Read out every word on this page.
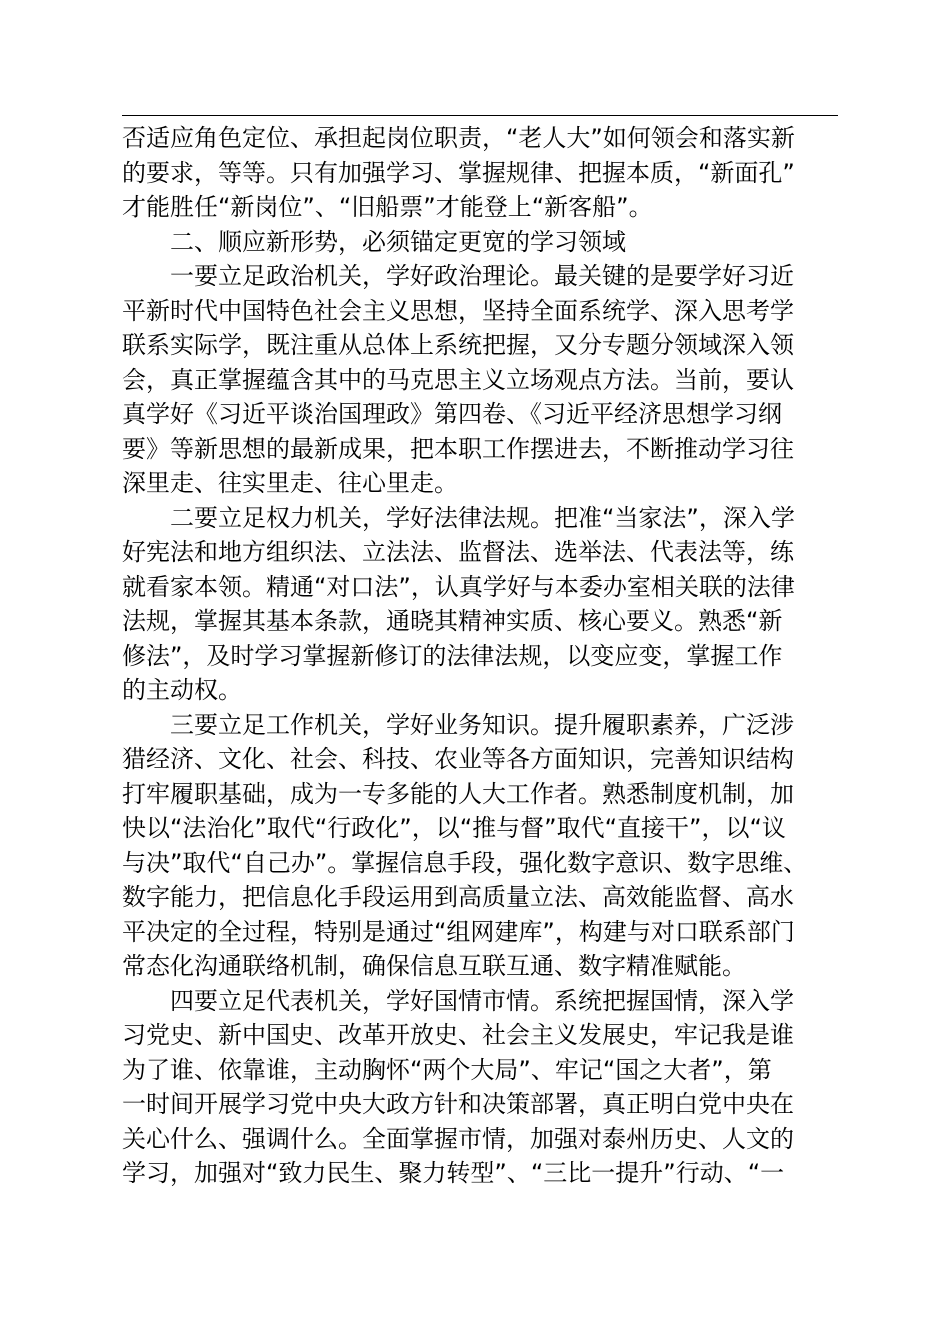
否适应角色定位、承担起岗位职责，“老人大”如何领会和落实新
的要求，等等。只有加强学习、掌握规律、把握本质，“新面孔”
才能胜任“新岗位”、“旧船票”才能登上“新客船”。
二、顺应新形势，必须锚定更宽的学习领域
一要立足政治机关，学好政治理论。最关键的是要学好习近
平新时代中国特色社会主义思想，坚持全面系统学、深入思考学
联系实际学，既注重从总体上系统把握，又分专题分领域深入领
会，真正掌握蕴含其中的马克思主义立场观点方法。当前，要认
真学好《习近平谈治国理政》第四卷、《习近平经济思想学习纲
要》等新思想的最新成果，把本职工作摆进去，不断推动学习往
深里走、往实里走、往心里走。
二要立足权力机关，学好法律法规。把准“当家法”，深入学
好宪法和地方组织法、立法法、监督法、选举法、代表法等，练
就看家本领。精通“对口法”，认真学好与本委办室相关联的法律
法规，掌握其基本条款，通晓其精神实质、核心要义。熟悉“新
修法”，及时学习掌握新修订的法律法规，以变应变，掌握工作
的主动权。
三要立足工作机关，学好业务知识。提升履职素养，广泛涉
猎经济、文化、社会、科技、农业等各方面知识，完善知识结构
打牢履职基础，成为一专多能的人大工作者。熟悉制度机制，加
快以“法治化”取代“行政化”，以“推与督”取代“直接干”，以“议
与决”取代“自己办”。掌握信息手段，强化数字意识、数字思维、
数字能力，把信息化手段运用到高质量立法、高效能监督、高水
平决定的全过程，特别是通过“组网建库”，构建与对口联系部门
常态化沟通联络机制，确保信息互联互通、数字精准赋能。
四要立足代表机关，学好国情市情。系统把握国情，深入学
习党史、新中国史、改革开放史、社会主义发展史，牢记我是谁
为了谁、依靠谁，主动胸怀“两个大局”、牢记“国之大者”，第
一时间开展学习党中央大政方针和决策部署，真正明白党中央在
关心什么、强调什么。全面掌握市情，加强对泰州历史、人文的
学习，加强对“致力民生、聚力转型”、“三比一提升”行动、“一
